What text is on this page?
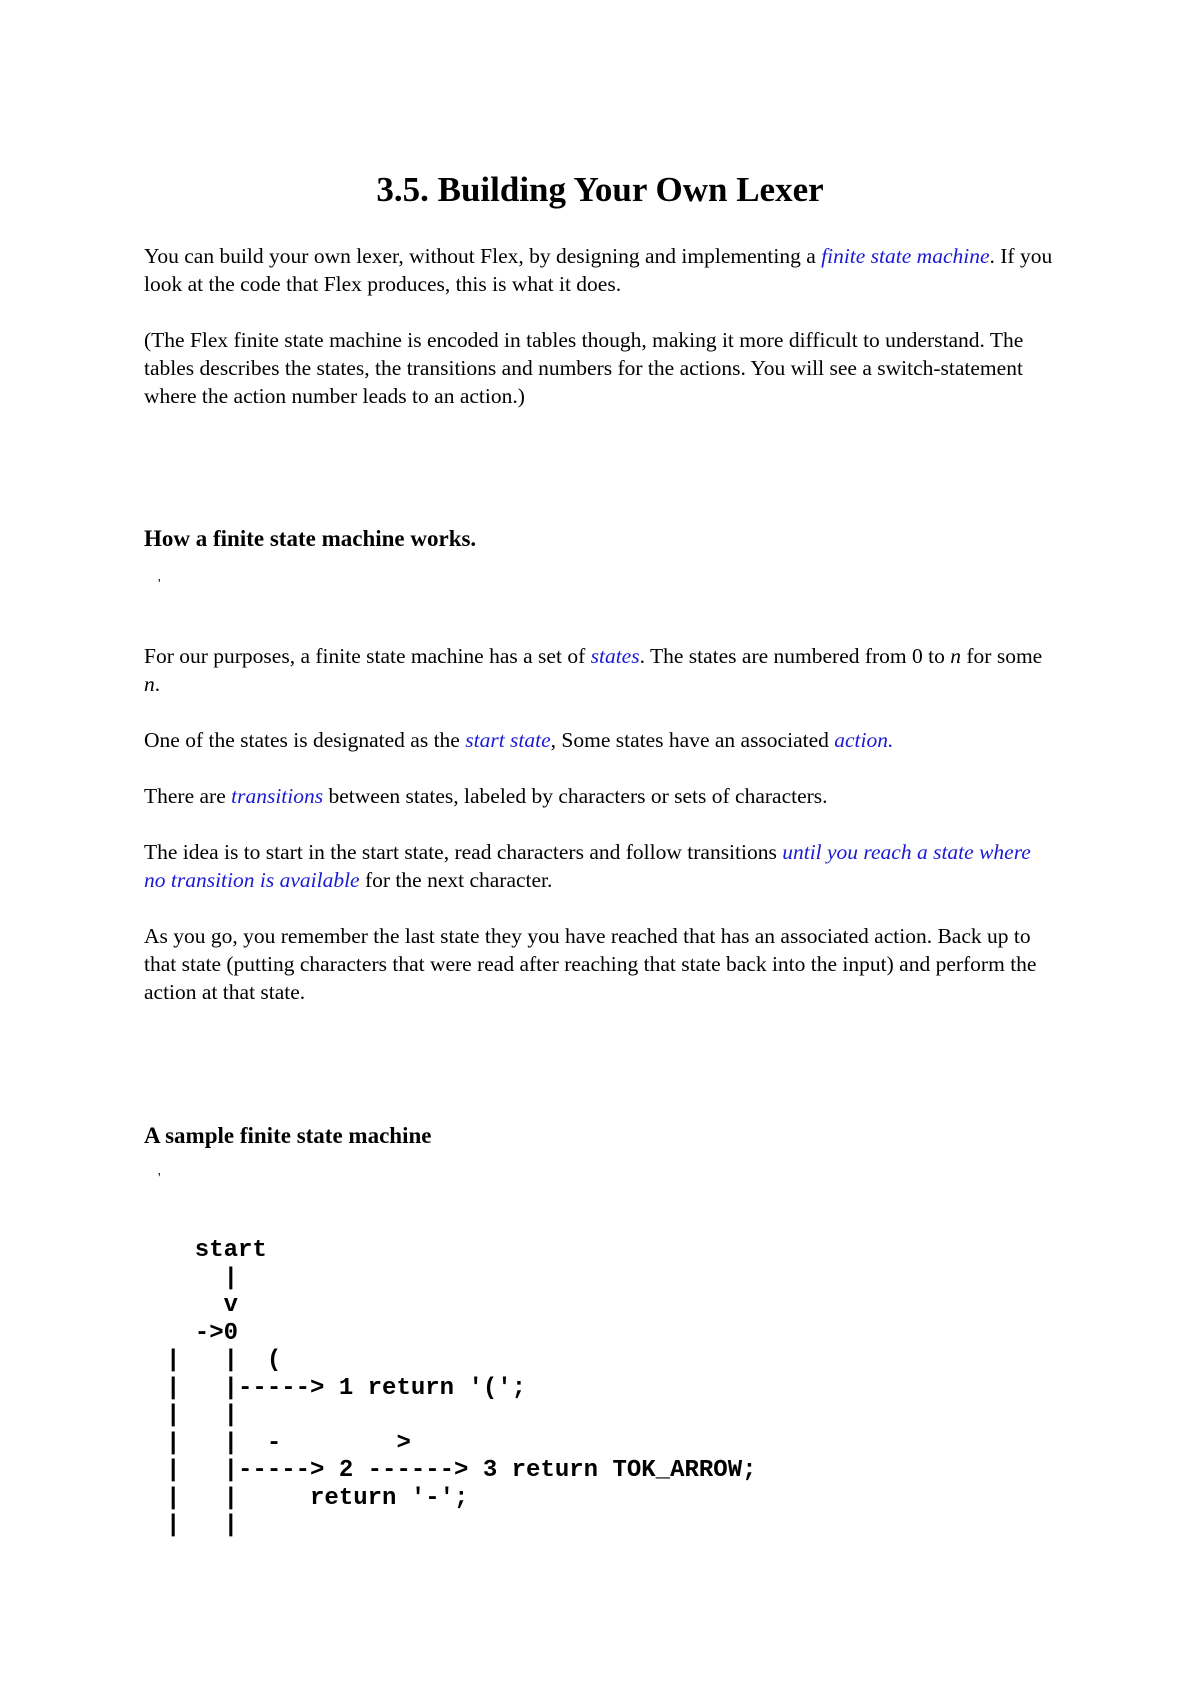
3.5. Building Your Own Lexer

You can build your own lexer, without Flex, by designing and implementing a finite state machine. If you look at the code that Flex produces, this is what it does.

(The Flex finite state machine is encoded in tables though, making it more difficult to understand. The tables describes the states, the transitions and numbers for the actions. You will see a switch-statement where the action number leads to an action.)

How a finite state machine works.
'

For our purposes, a finite state machine has a set of states. The states are numbered from 0 to n for some n.

One of the states is designated as the start state, Some states have an associated action.

There are transitions between states, labeled by characters or sets of characters.

The idea is to start in the start state, read characters and follow transitions until you reach a state where no transition is available for the next character.

As you go, you remember the last state they you have reached that has an associated action. Back up to that state (putting characters that were read after reaching that state back into the input) and perform the action at that state.

A sample finite state machine
'
start
|
v
->0
|   |  (
|   |-----> 1 return '(';
|   |
|   |  -        >
|   |-----> 2 ------> 3 return TOK_ARROW;
|   |     return '-';
|   |
